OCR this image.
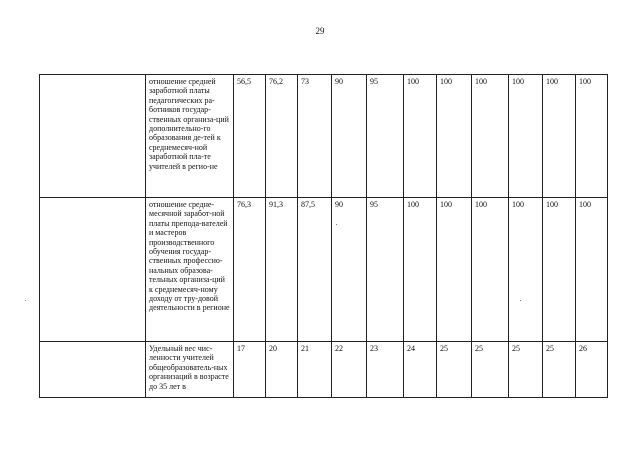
29
	отношение средней заработной платы педагогических ра-ботников государ-ственных организа-ций дополнительно-го образования де-тей к среднемесяч-ной заработной пла-те учителей в регио-не	56,5	76,2	73	90	95	100	100	100	100	100	100
	отношение средне-месячной заработ-ной платы препода-вателей и мастеров производственного обучения государ-ственных профессио-нальных образова-тельных организа-ций к среднемесяч-ному доходу от тру-довой деятельности в регионе	76,3	91,3	87,5	90	95	100	100	100	100	100	100
	Удельный вес чис-ленности учителей общеобразователь-ных организаций в возрасте до 35 лет в	17	20	21	22	23	24	25	25	25	25	26
